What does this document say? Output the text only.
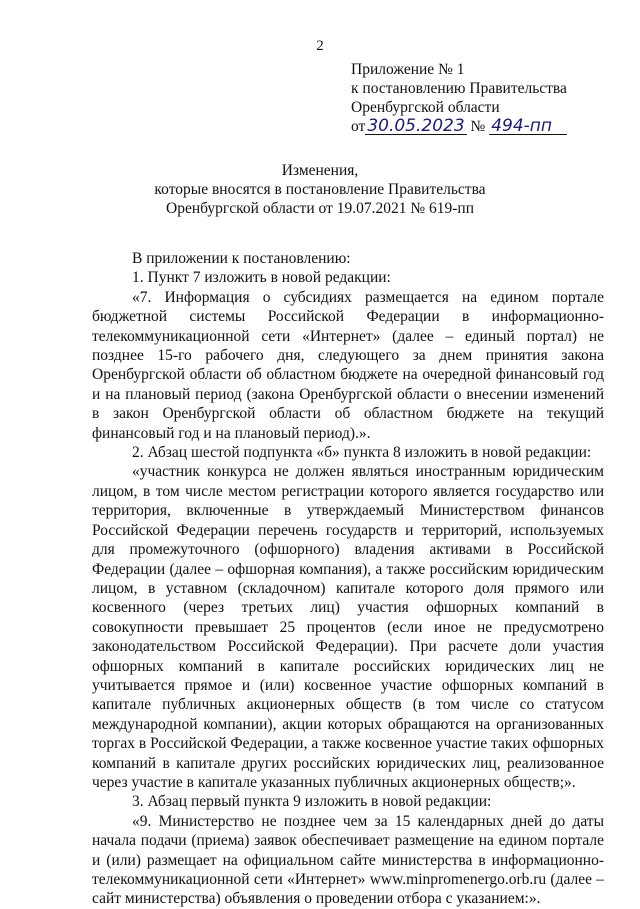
2
Приложение № 1
к постановлению Правительства
Оренбургской области
от 30.05.2023 № 494-пп
Изменения,
которые вносятся в постановление Правительства
Оренбургской области от 19.07.2021 № 619-пп

В приложении к постановлению:

1. Пункт 7 изложить в новой редакции:

«7. Информация о субсидиях размещается на едином портале бюджетной системы Российской Федерации в информационно-телекоммуникационной сети «Интернет» (далее – единый портал) не позднее 15-го рабочего дня, следующего за днем принятия закона Оренбургской области об областном бюджете на очередной финансовый год и на плановый период (закона Оренбургской области о внесении изменений в закон Оренбургской области об областном бюджете на текущий финансовый год и на плановый период).».

2. Абзац шестой подпункта «б» пункта 8 изложить в новой редакции:

«участник конкурса не должен являться иностранным юридическим лицом, в том числе местом регистрации которого является государство или территория, включенные в утверждаемый Министерством финансов Российской Федерации перечень государств и территорий, используемых для промежуточного (офшорного) владения активами в Российской Федерации (далее – офшорная компания), а также российским юридическим лицом, в уставном (складочном) капитале которого доля прямого или косвенного (через третьих лиц) участия офшорных компаний в совокупности превышает 25 процентов (если иное не предусмотрено законодательством Российской Федерации). При расчете доли участия офшорных компаний в капитале российских юридических лиц не учитывается прямое и (или) косвенное участие офшорных компаний в капитале публичных акционерных обществ (в том числе со статусом международной компании), акции которых обращаются на организованных торгах в Российской Федерации, а также косвенное участие таких офшорных компаний в капитале других российских юридических лиц, реализованное через участие в капитале указанных публичных акционерных обществ;».

3. Абзац первый пункта 9 изложить в новой редакции:

«9. Министерство не позднее чем за 15 календарных дней до даты начала подачи (приема) заявок обеспечивает размещение на едином портале и (или) размещает на официальном сайте министерства в информационно-телекоммуникационной сети «Интернет» www.minpromenergo.orb.ru (далее – сайт министерства) объявления о проведении отбора с указанием:».
